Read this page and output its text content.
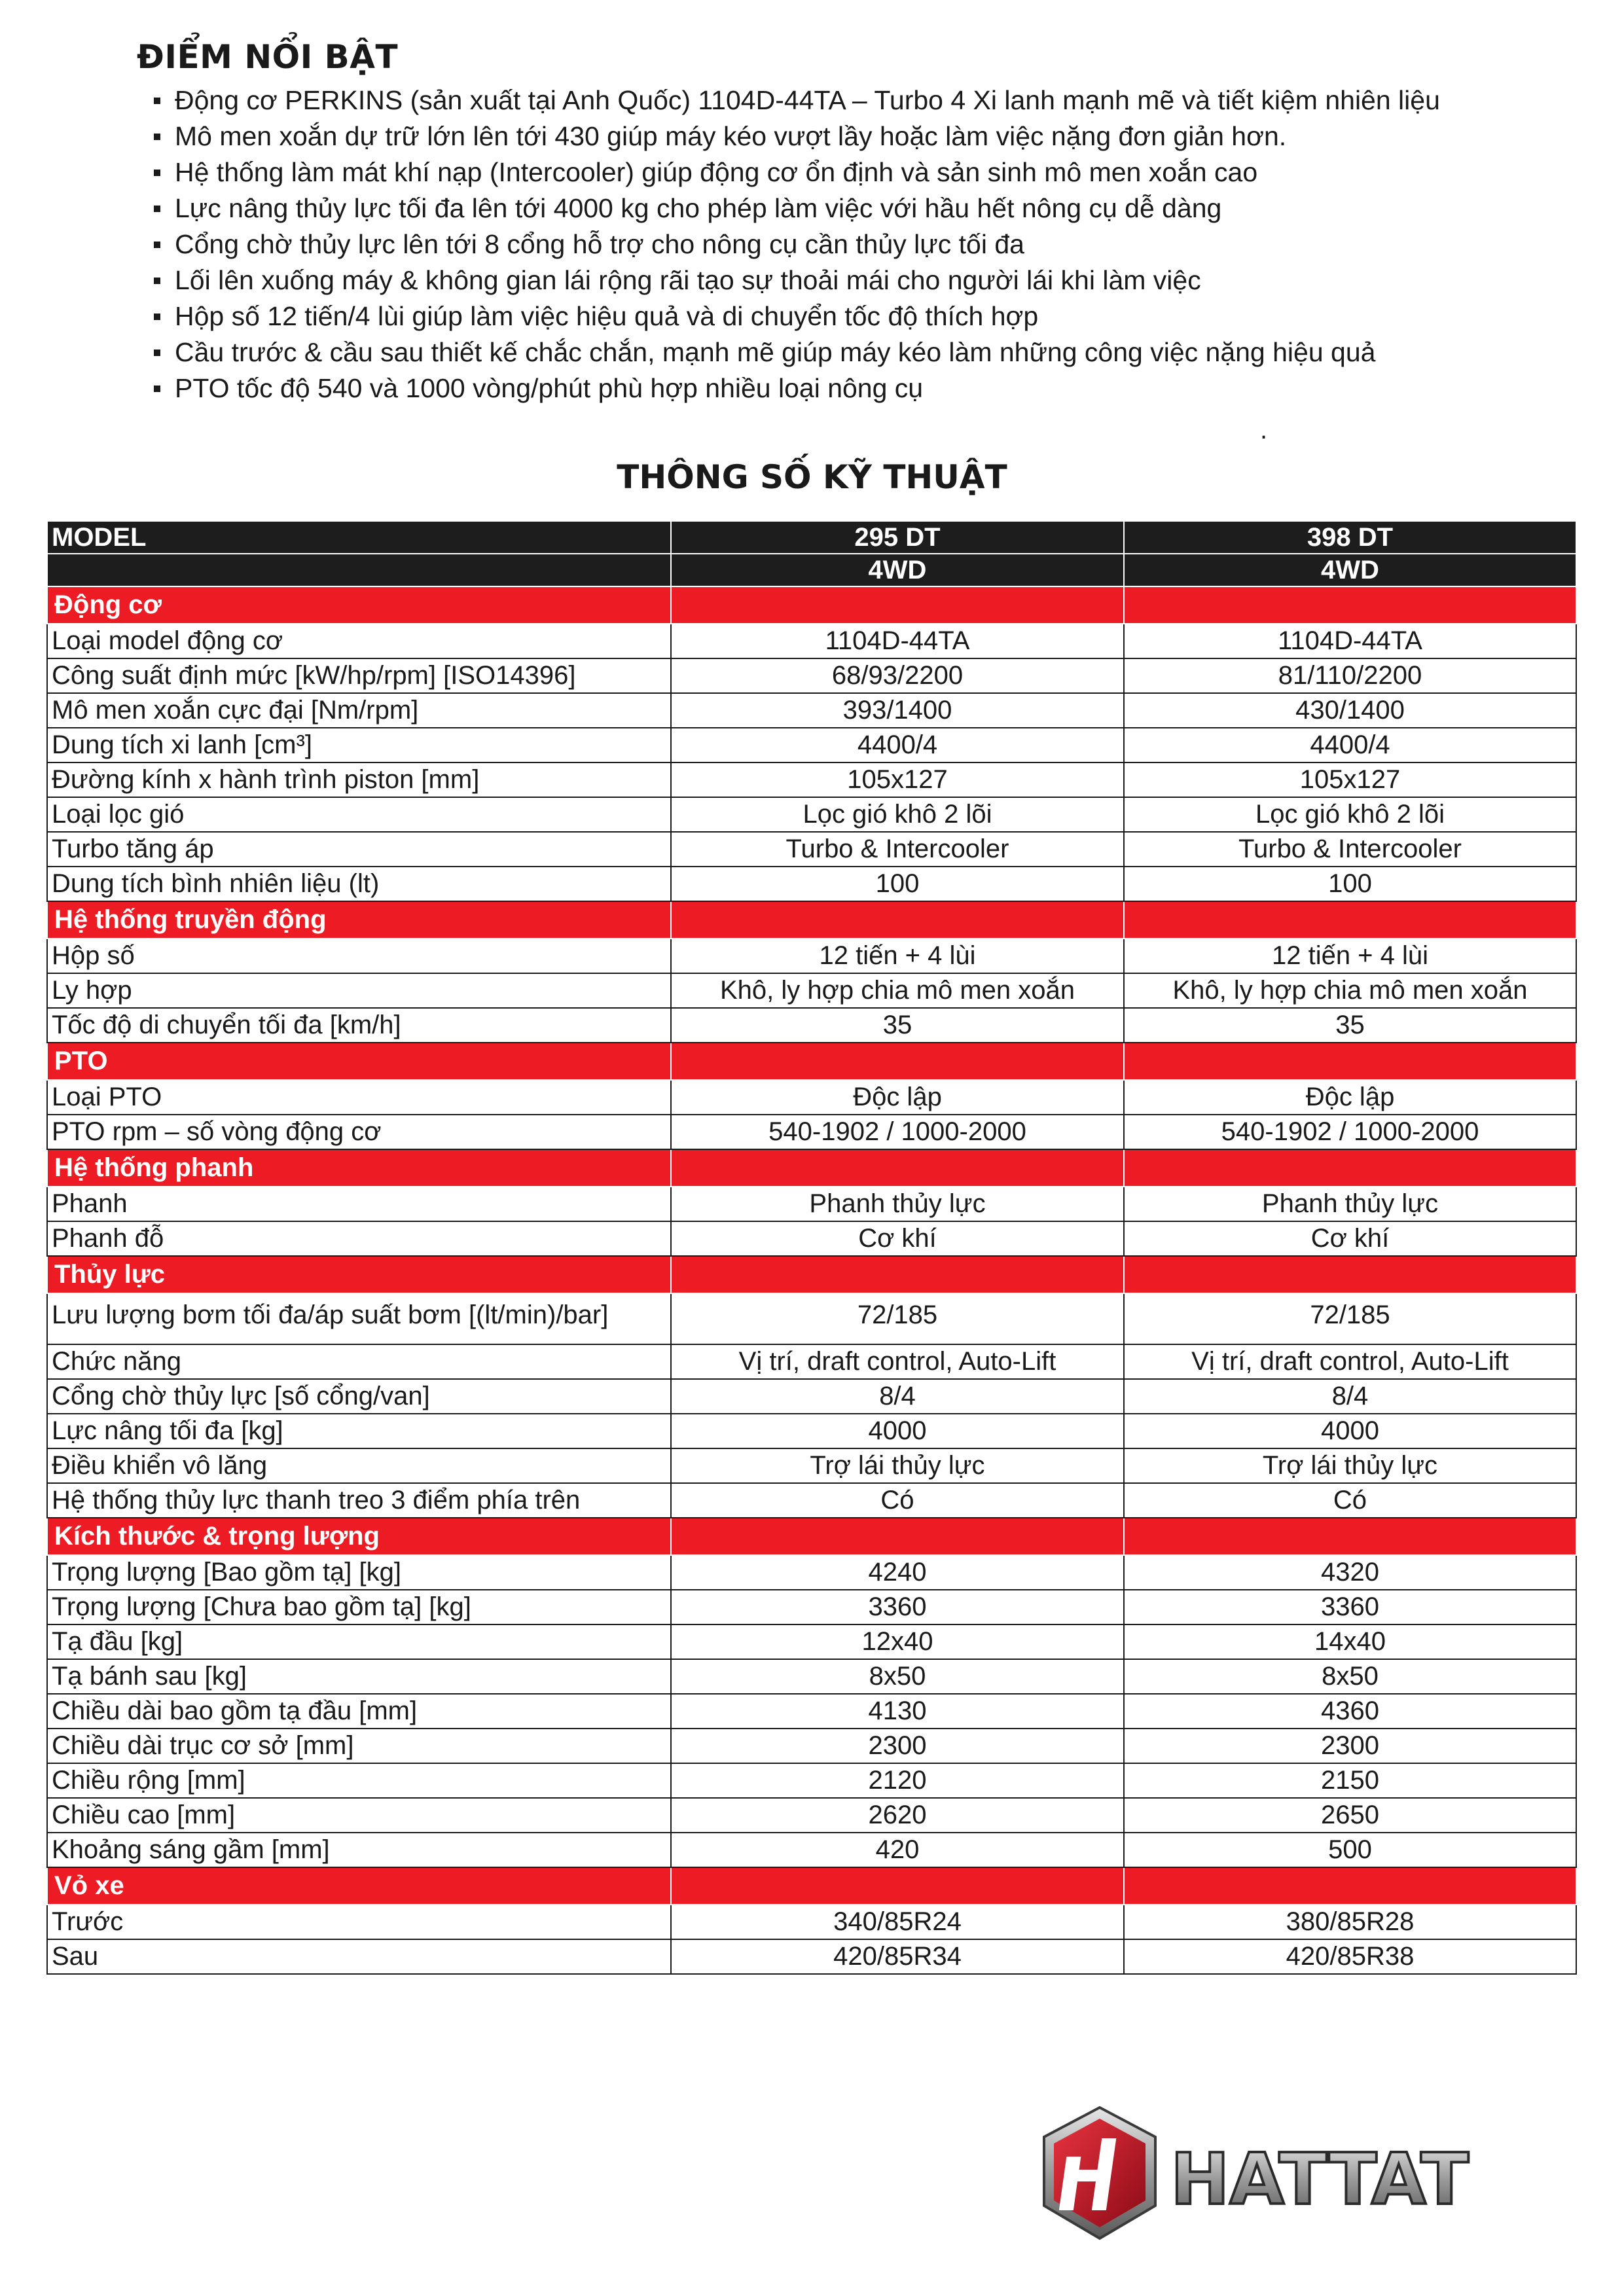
ĐIỂM NỔI BẬT
Động cơ PERKINS (sản xuất tại Anh Quốc) 1104D-44TA – Turbo 4 Xi lanh mạnh mẽ và tiết kiệm nhiên liệu
Mô men xoắn dự trữ lớn lên tới 430 giúp máy kéo vượt lầy hoặc làm việc nặng đơn giản hơn.
Hệ thống làm mát khí nạp (Intercooler) giúp động cơ ổn định và sản sinh mô men xoắn cao
Lực nâng thủy lực tối đa lên tới 4000 kg cho phép làm việc với hầu hết nông cụ dễ dàng
Cổng chờ thủy lực lên tới 8 cổng hỗ trợ cho nông cụ cần thủy lực tối đa
Lối lên xuống máy & không gian lái rộng rãi tạo sự thoải mái cho người lái khi làm việc
Hộp số 12 tiến/4 lùi giúp làm việc hiệu quả và di chuyển tốc độ thích hợp
Cầu trước & cầu sau thiết kế chắc chắn, mạnh mẽ giúp máy kéo làm những công việc nặng hiệu quả
PTO tốc độ 540 và 1000 vòng/phút phù hợp nhiều loại nông cụ
.
THÔNG SỐ KỸ THUẬT
MODEL	295 DT	398 DT
	4WD	4WD
Động cơ		
Loại model động cơ	1104D-44TA	1104D-44TA
Công suất định mức [kW/hp/rpm] [ISO14396]	68/93/2200	81/110/2200
Mô men xoắn cực đại [Nm/rpm]	393/1400	430/1400
Dung tích xi lanh [cm³]	4400/4	4400/4
Đường kính x hành trình piston [mm]	105x127	105x127
Loại lọc gió	Lọc gió khô 2 lõi	Lọc gió khô 2 lõi
Turbo tăng áp	Turbo & Intercooler	Turbo & Intercooler
Dung tích bình nhiên liệu (lt)	100	100
Hệ thống truyền động		
Hộp số	12 tiến + 4 lùi	12 tiến + 4 lùi
Ly hợp	Khô, ly hợp chia mô men xoắn	Khô, ly hợp chia mô men xoắn
Tốc độ di chuyển tối đa [km/h]	35	35
PTO		
Loại PTO	Độc lập	Độc lập
PTO rpm – số vòng động cơ	540-1902 / 1000-2000	540-1902 / 1000-2000
Hệ thống phanh		
Phanh	Phanh thủy lực	Phanh thủy lực
Phanh đỗ	Cơ khí	Cơ khí
Thủy lực		
Lưu lượng bơm tối đa/áp suất bơm [(lt/min)/bar]	72/185	72/185
Chức năng	Vị trí, draft control, Auto-Lift	Vị trí, draft control, Auto-Lift
Cổng chờ thủy lực [số cổng/van]	8/4	8/4
Lực nâng tối đa [kg]	4000	4000
Điều khiển vô lăng	Trợ lái thủy lực	Trợ lái thủy lực
Hệ thống thủy lực thanh treo 3 điểm phía trên	Có	Có
Kích thước & trọng lượng		
Trọng lượng [Bao gồm tạ] [kg]	4240	4320
Trọng lượng [Chưa bao gồm tạ] [kg]	3360	3360
Tạ đầu [kg]	12x40	14x40
Tạ bánh sau [kg]	8x50	8x50
Chiều dài bao gồm tạ đầu [mm]	4130	4360
Chiều dài trục cơ sở [mm]	2300	2300
Chiều rộng [mm]	2120	2150
Chiều cao [mm]	2620	2650
Khoảng sáng gầm [mm]	420	500
Vỏ xe		
Trước	340/85R24	380/85R28
Sau	420/85R34	420/85R38
HATTAT
